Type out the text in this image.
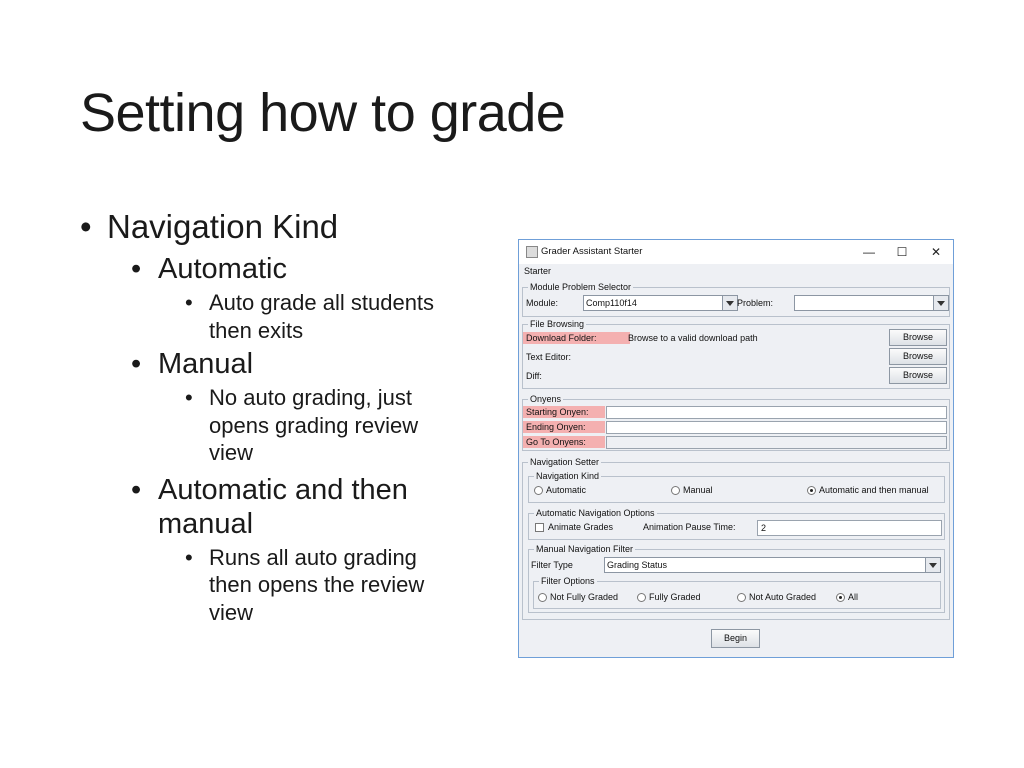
Setting how to grade
• Navigation Kind
• Automatic
• Auto grade all students
then exits
• Manual
• No auto grading, just
opens grading review
view
• Automatic and then
manual
• Runs all auto grading
then opens the review
view
Grader Assistant Starter	—	☐	✕
Starter
Module Problem Selector
Module:	Comp110f14	Problem:
File Browsing
Download Folder:	Browse to a valid download path	Browse
Text Editor:	Browse
Diff:	Browse
Onyens
Starting Onyen:
Ending Onyen:
Go To Onyens:
Navigation Setter
Navigation Kind
Automatic	Manual	Automatic and then manual
Automatic Navigation Options
Animate Grades	Animation Pause Time:	2
Manual Navigation Filter
Filter Type	Grading Status
Filter Options
Not Fully Graded	Fully Graded	Not Auto Graded	All
Begin
